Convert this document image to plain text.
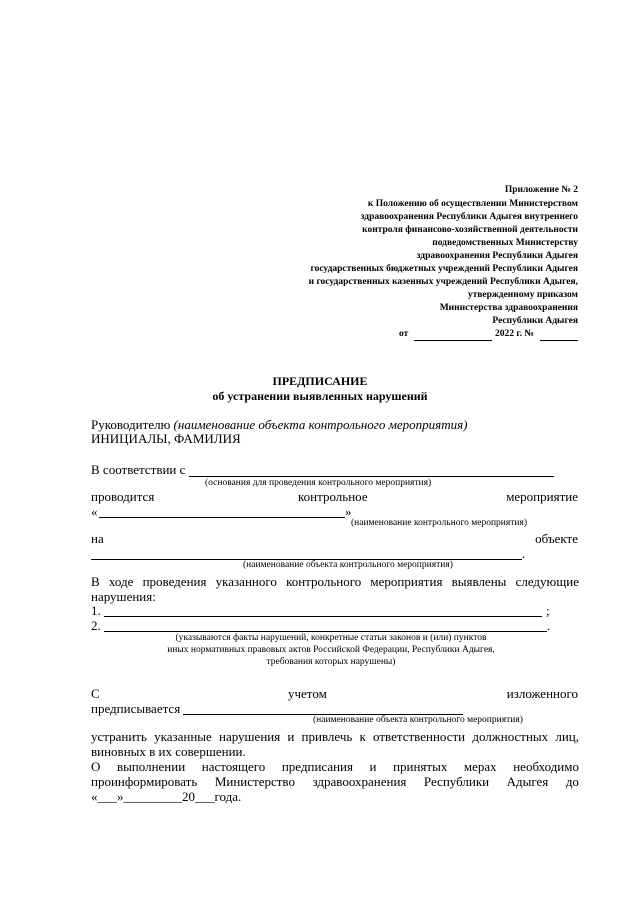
Приложение № 2
к Положению об осуществлении Министерством
здравоохранения Республики Адыгея внутреннего
контроля финансово-хозяйственной деятельности
подведомственных Министерству
здравоохранения Республики Адыгея
государственных бюджетных учреждений Республики Адыгея
и государственных казенных учреждений Республики Адыгея,
утвержденному приказом
Министерства здравоохранения
Республики Адыгея
от	2022 г. №
ПРЕДПИСАНИЕ
об устранении выявленных нарушений
Руководителю (наименование объекта контрольного мероприятия)
ИНИЦИАЛЫ, ФАМИЛИЯ
В соответствии с
(основания для проведения контрольного мероприятия)
проводится	контрольное	мероприятие
«	»
(наименование контрольного мероприятия)
на	объекте
.
(наименование объекта контрольного мероприятия)
В ходе проведения указанного контрольного мероприятия выявлены следующие
нарушения:
1.	;
2.	.
(указываются факты нарушений, конкретные статьи законов и (или) пунктов
иных нормативных правовых актов Российской Федерации, Республики Адыгея,
требования которых нарушены)
С	учетом	изложенного
предписывается
(наименование объекта контрольного мероприятия)
устранить указанные нарушения и привлечь к ответственности должностных лиц,
виновных в их совершении.
О выполнении настоящего предписания и принятых мерах необходимо
проинформировать Министерство здравоохранения Республики Адыгея до
«___»_________20___года.
